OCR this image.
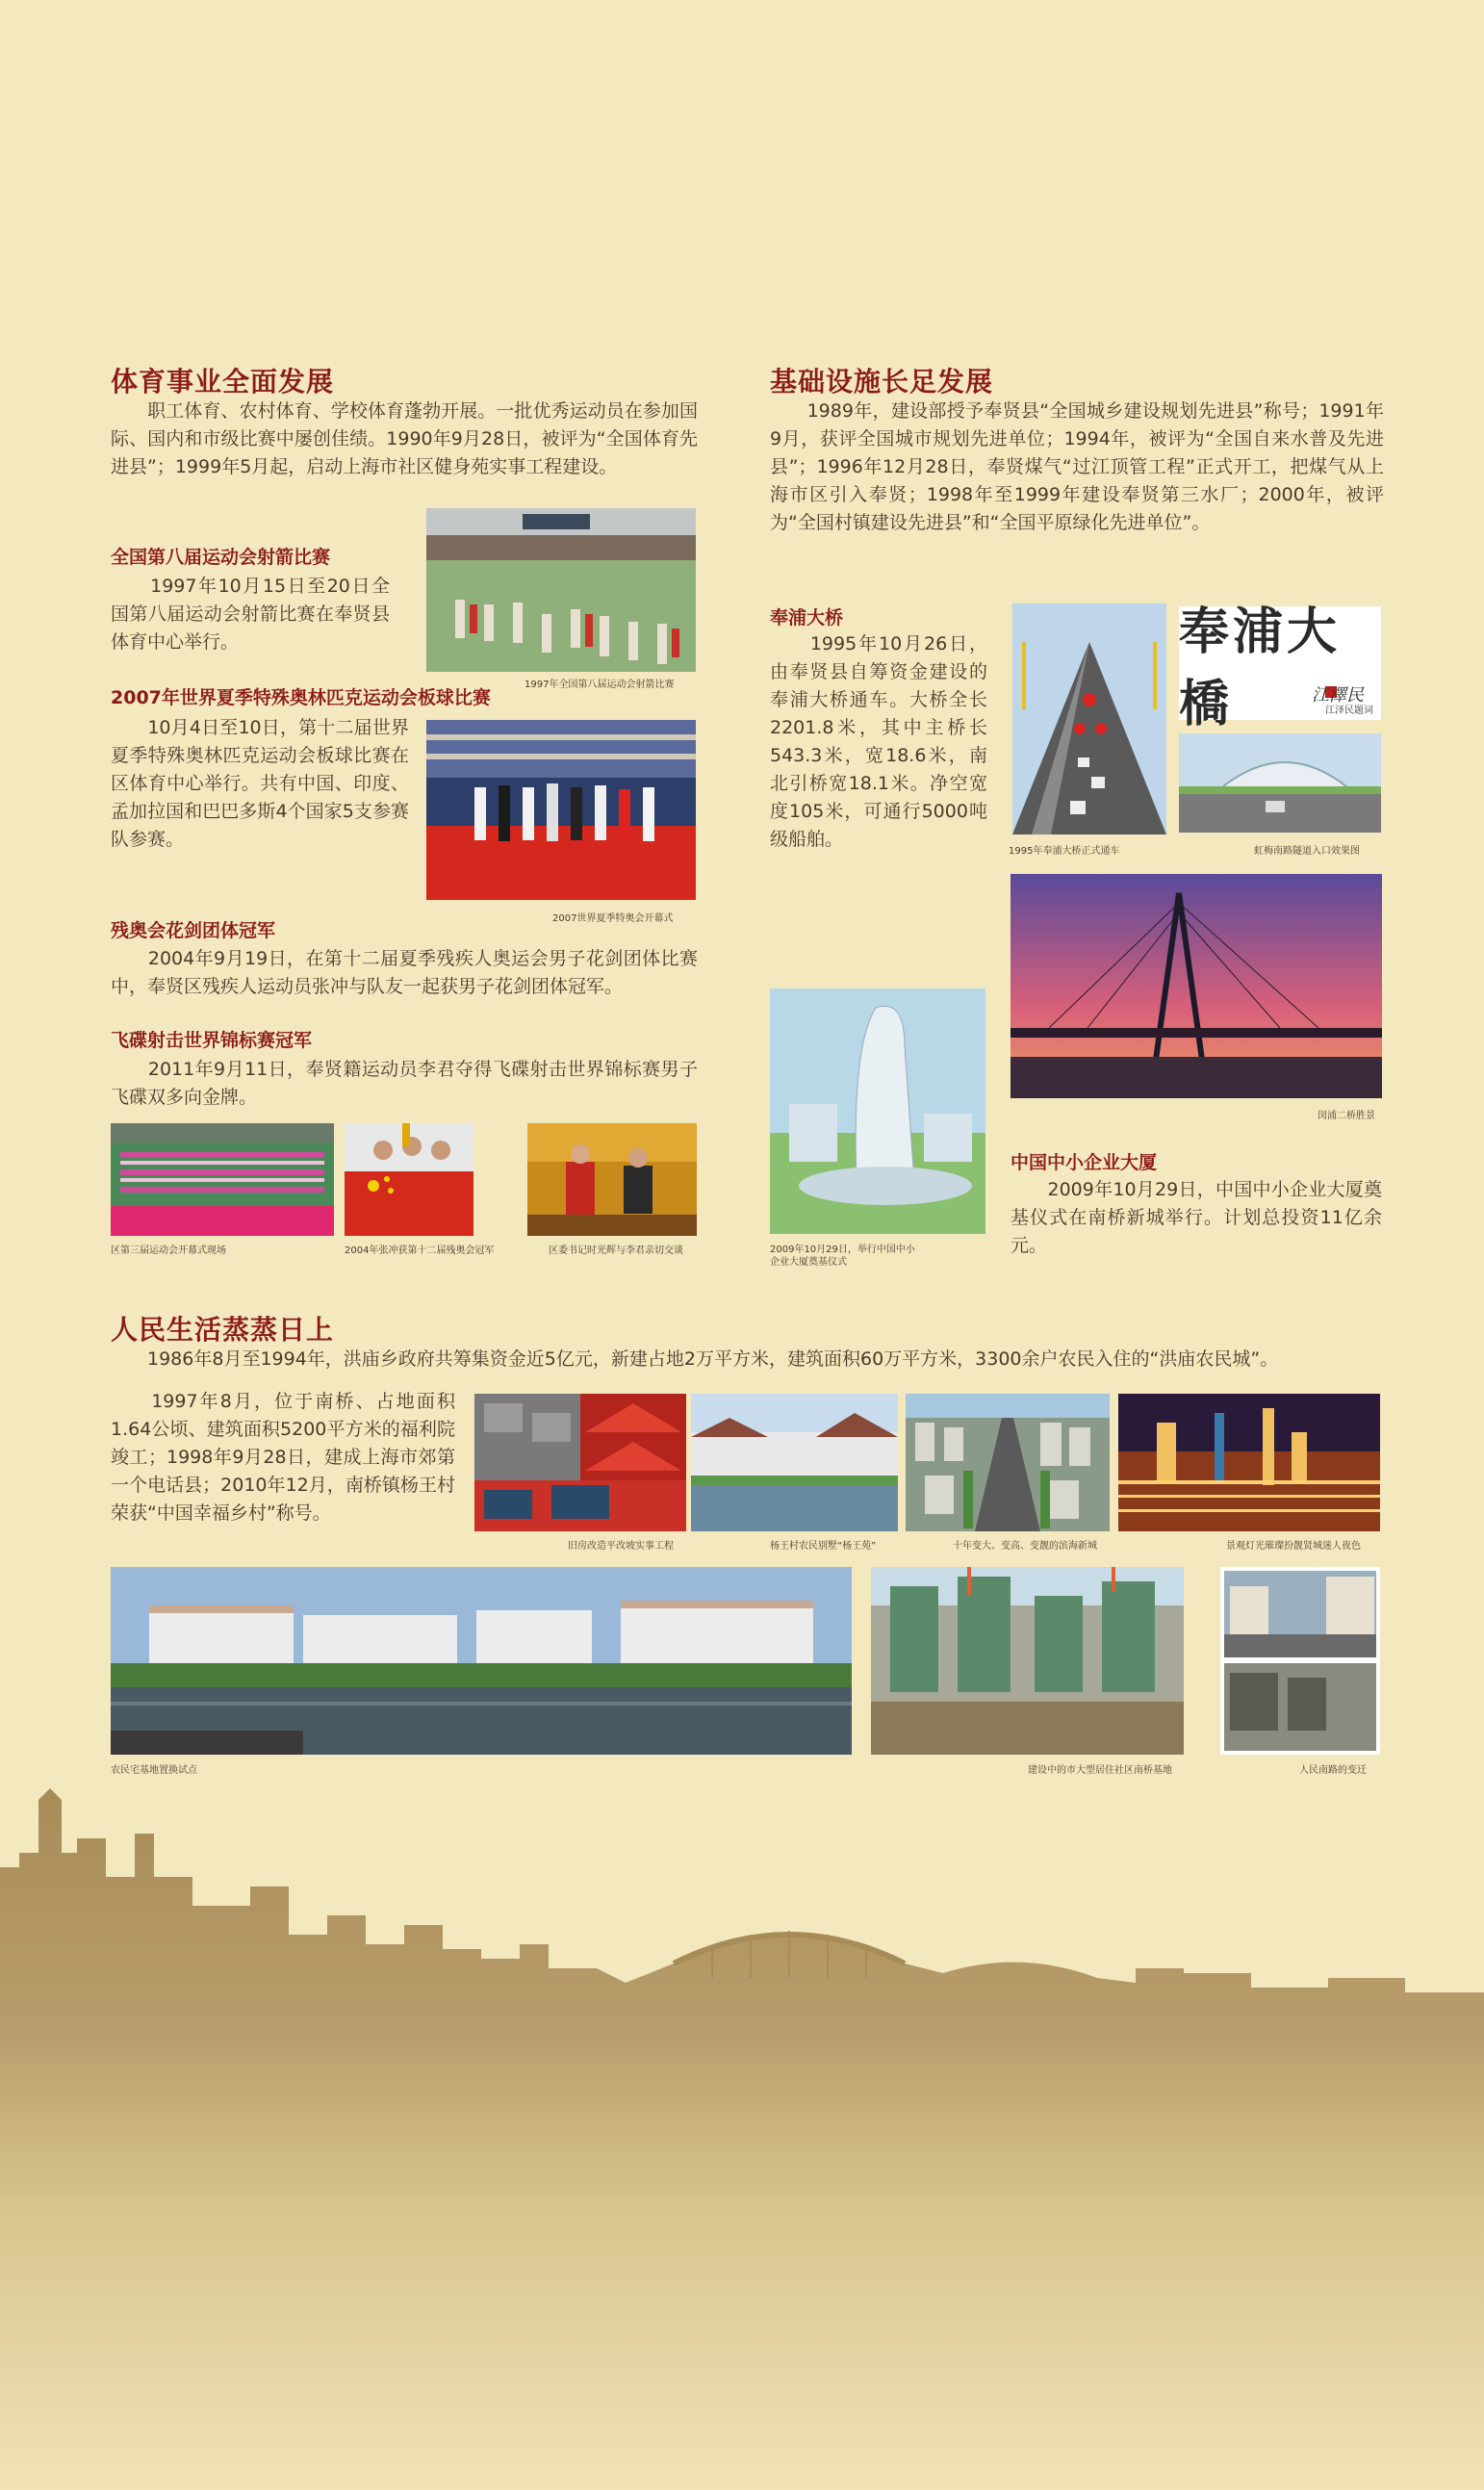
体育事业全面发展
　　职工体育、农村体育、学校体育蓬勃开展。一批优秀运动员在参加国际、国内和市级比赛中屡创佳绩。1990年9月28日，被评为“全国体育先进县”；1999年5月起，启动上海市社区健身苑实事工程建设。
全国第八届运动会射箭比赛
　　1997年10月15日至20日全国第八届运动会射箭比赛在奉贤县体育中心举行。
1997年全国第八届运动会射箭比赛
2007年世界夏季特殊奥林匹克运动会板球比赛
　　10月4日至10日，第十二届世界夏季特殊奥林匹克运动会板球比赛在区体育中心举行。共有中国、印度、孟加拉国和巴巴多斯4个国家5支参赛队参赛。
2007世界夏季特奥会开幕式
残奥会花剑团体冠军
　　2004年9月19日，在第十二届夏季残疾人奥运会男子花剑团体比赛中，奉贤区残疾人运动员张冲与队友一起获男子花剑团体冠军。
飞碟射击世界锦标赛冠军
　　2011年9月11日，奉贤籍运动员李君夺得飞碟射击世界锦标赛男子飞碟双多向金牌。
区第三届运动会开幕式现场	2004年张冲获第十二届残奥会冠军	区委书记时光辉与李君亲切交谈
基础设施长足发展
　　1989年，建设部授予奉贤县“全国城乡建设规划先进县”称号；1991年9月，获评全国城市规划先进单位；1994年，被评为“全国自来水普及先进县”；1996年12月28日，奉贤煤气“过江顶管工程”正式开工，把煤气从上海市区引入奉贤；1998年至1999年建设奉贤第三水厂；2000年，被评为“全国村镇建设先进县”和“全国平原绿化先进单位”。
奉浦大桥
　　1995年10月26日，由奉贤县自筹资金建设的奉浦大桥通车。大桥全长2201.8米，其中主桥长543.3米，宽18.6米，南北引桥宽18.1米。净空宽度105米，可通行5000吨级船舶。
奉浦大橋	江澤民
江泽民题词
1995年奉浦大桥正式通车	虹梅南路隧道入口效果图
闵浦二桥胜景
2009年10月29日，举行中国中小
企业大厦奠基仪式
中国中小企业大厦
　　2009年10月29日，中国中小企业大厦奠基仪式在南桥新城举行。计划总投资11亿余元。
人民生活蒸蒸日上
　　1986年8月至1994年，洪庙乡政府共筹集资金近5亿元，新建占地2万平方米，建筑面积60万平方米，3300余户农民入住的“洪庙农民城”。
　　1997年8月，位于南桥、占地面积1.64公顷、建筑面积5200平方米的福利院竣工；1998年9月28日，建成上海市郊第一个电话县；2010年12月，南桥镇杨王村荣获“中国幸福乡村”称号。
旧房改造平改坡实事工程	杨王村农民别墅“杨王苑”	十年变大、变高、变靓的滨海新城	景观灯光璀璨扮靓贤城迷人夜色
农民宅基地置换试点	建设中的市大型居住社区南桥基地	人民南路的变迁
